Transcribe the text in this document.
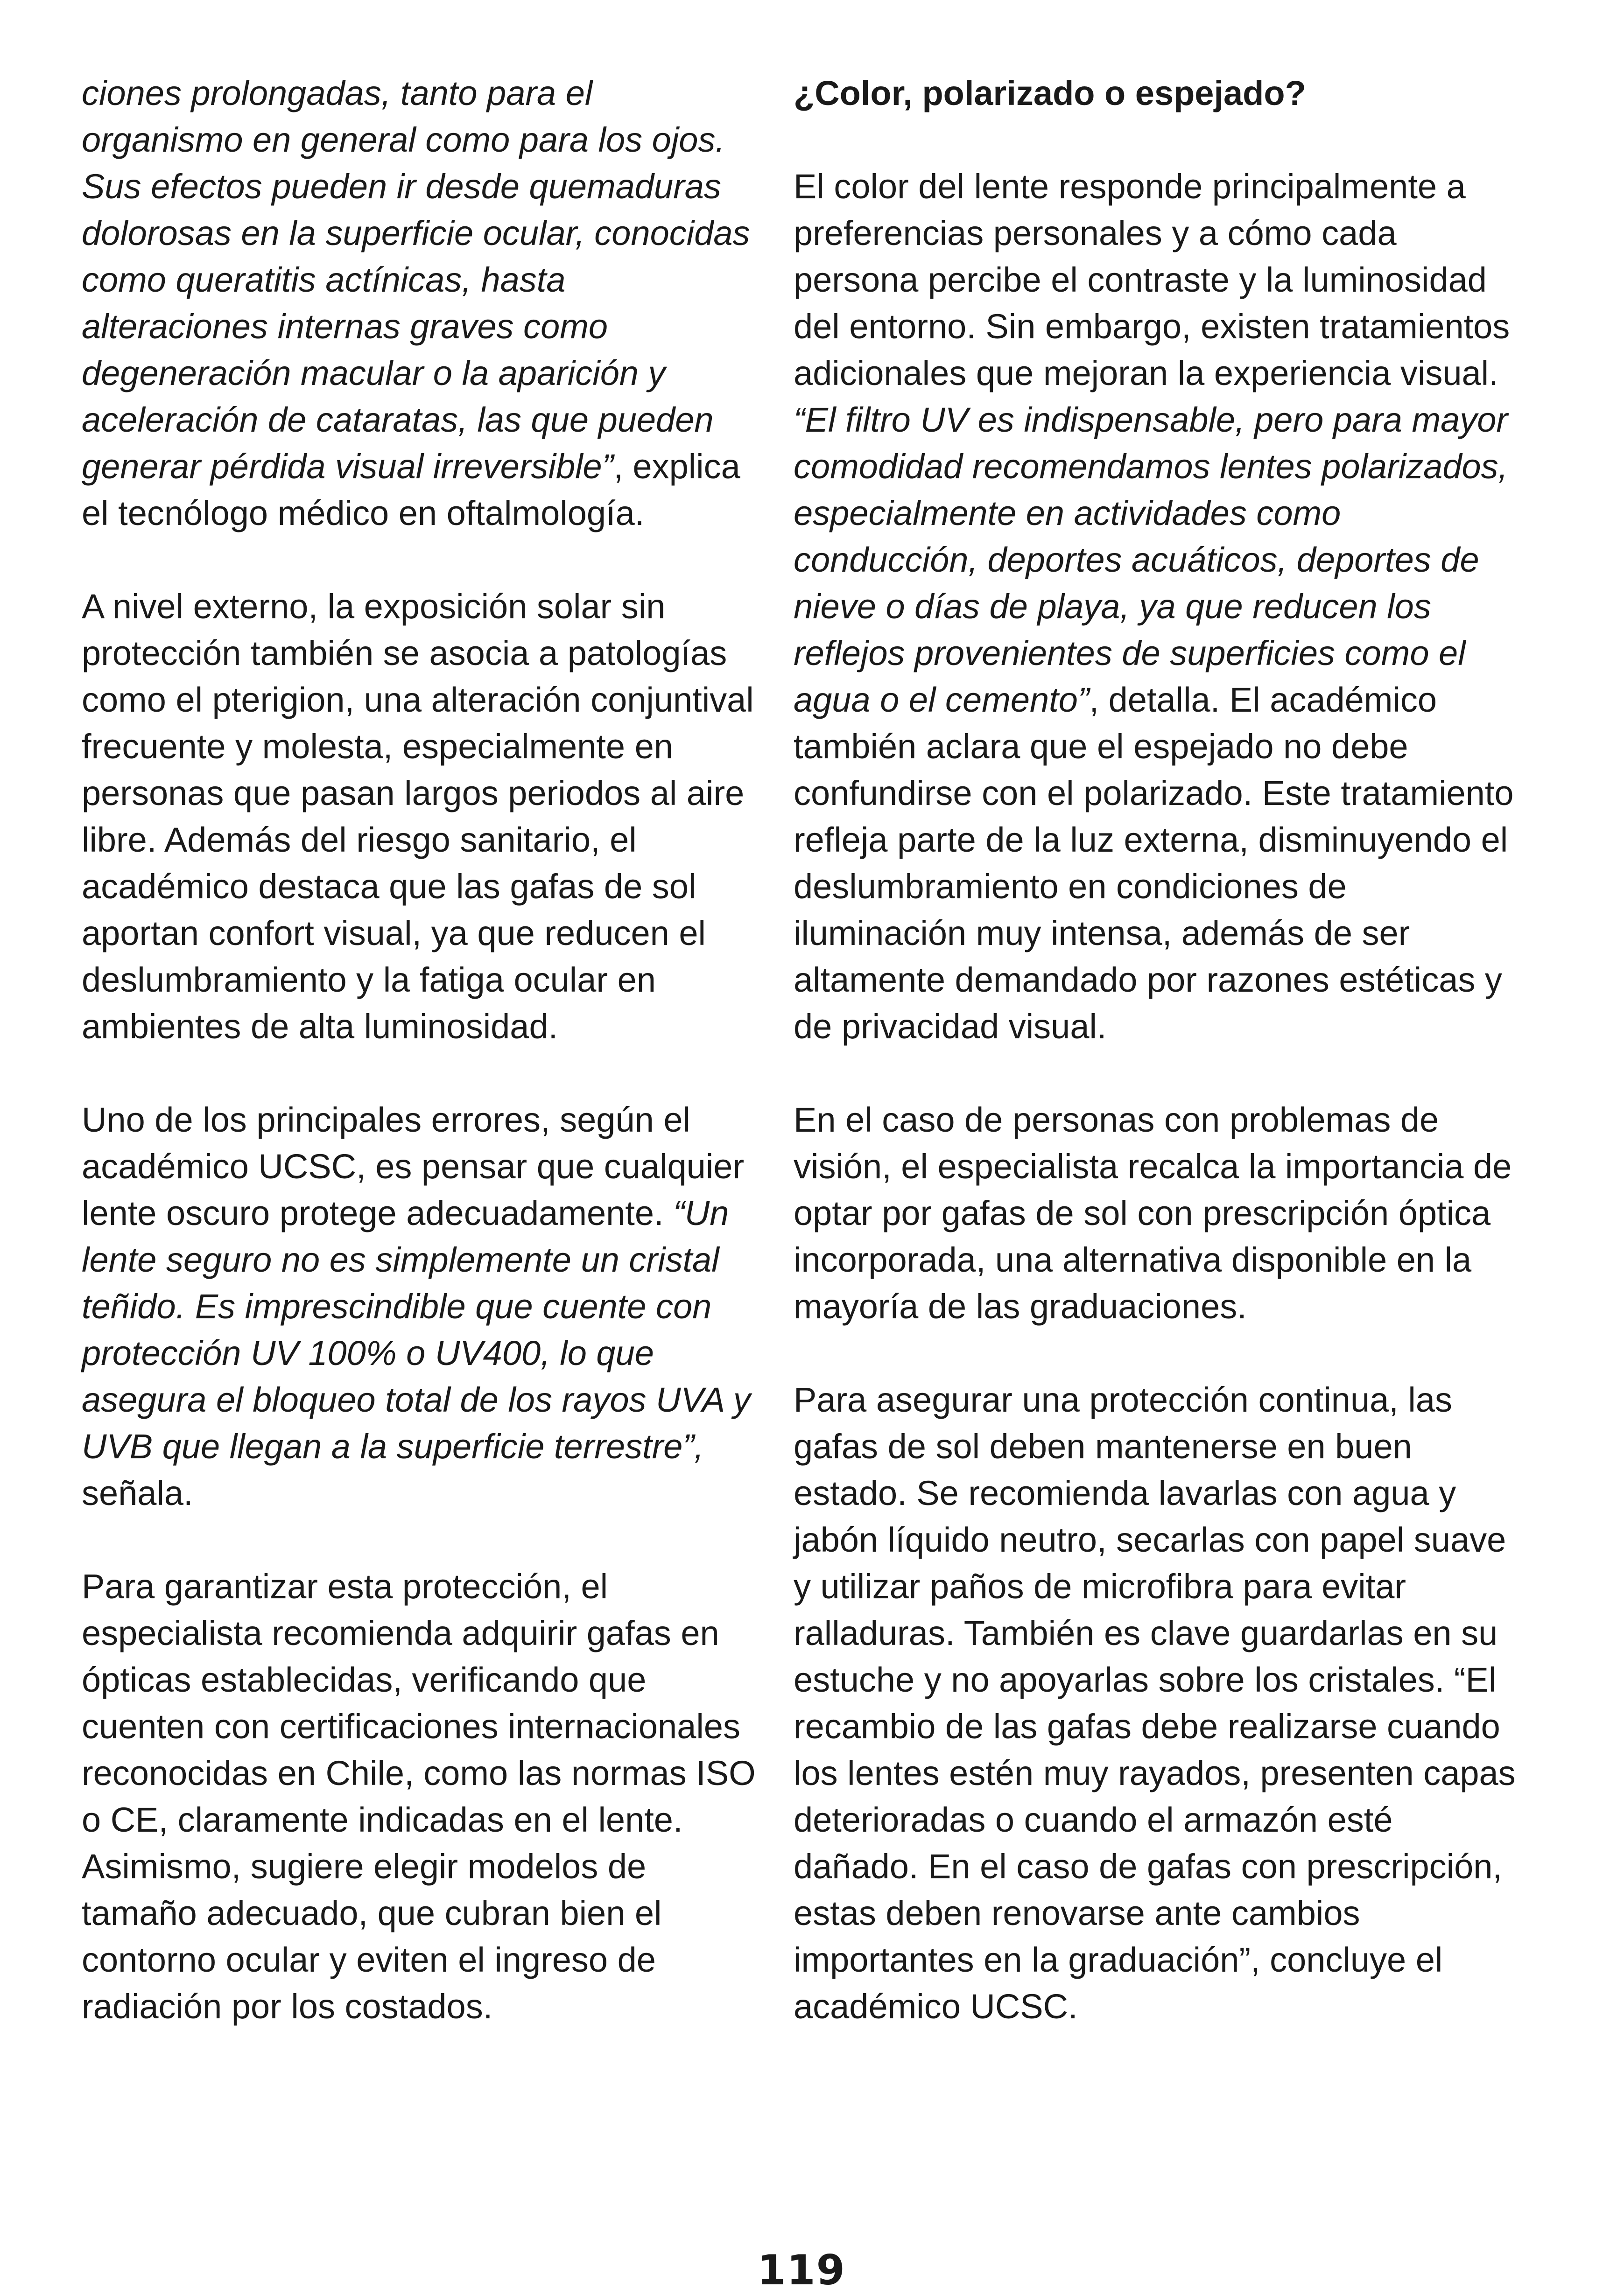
ciones prolongadas, tanto para el organismo en general como para los ojos. Sus efectos pueden ir desde quemaduras dolorosas en la superficie ocular, conocidas como queratitis actínicas, hasta alteraciones internas graves como degeneración macular o la aparición y aceleración de cataratas, las que pueden generar pérdida visual irreversible”, explica el tecnólogo médico en oftalmología.

A nivel externo, la exposición solar sin protección también se asocia a patologías como el pterigion, una alteración conjuntival frecuente y molesta, especialmente en personas que pasan largos periodos al aire libre. Además del riesgo sanitario, el académico destaca que las gafas de sol aportan confort visual, ya que reducen el deslumbramiento y la fatiga ocular en ambientes de alta luminosidad.

Uno de los principales errores, según el académico UCSC, es pensar que cualquier lente oscuro protege adecuadamente. “Un lente seguro no es simplemente un cristal teñido. Es imprescindible que cuente con protección UV 100% o UV400, lo que asegura el bloqueo total de los rayos UVA y UVB que llegan a la superficie terrestre”, señala.

Para garantizar esta protección, el especialista recomienda adquirir gafas en ópticas establecidas, verificando que cuenten con certificaciones internacionales reconocidas en Chile, como las normas ISO o CE, claramente indicadas en el lente. Asimismo, sugiere elegir modelos de tamaño adecuado, que cubran bien el contorno ocular y eviten el ingreso de radiación por los costados.

¿Color, polarizado o espejado?

El color del lente responde principalmente a preferencias personales y a cómo cada persona percibe el contraste y la luminosidad del entorno. Sin embargo, existen tratamientos adicionales que mejoran la experiencia visual. “El filtro UV es indispensable, pero para mayor comodidad recomendamos lentes polarizados, especialmente en actividades como conducción, deportes acuáticos, deportes de nieve o días de playa, ya que reducen los reflejos provenientes de superficies como el agua o el cemento”, detalla. El académico también aclara que el espejado no debe confundirse con el polarizado. Este tratamiento refleja parte de la luz externa, disminuyendo el deslumbramiento en condiciones de iluminación muy intensa, además de ser altamente demandado por razones estéticas y de privacidad visual.

En el caso de personas con problemas de visión, el especialista recalca la importancia de optar por gafas de sol con prescripción óptica incorporada, una alternativa disponible en la mayoría de las graduaciones.

Para asegurar una protección continua, las gafas de sol deben mantenerse en buen estado. Se recomienda lavarlas con agua y jabón líquido neutro, secarlas con papel suave y utilizar paños de microfibra para evitar ralladuras. También es clave guardarlas en su estuche y no apoyarlas sobre los cristales. “El recambio de las gafas debe realizarse cuando los lentes estén muy rayados, presenten capas deterioradas o cuando el armazón esté dañado. En el caso de gafas con prescripción, estas deben renovarse ante cambios importantes en la graduación”, concluye el académico UCSC.

119
